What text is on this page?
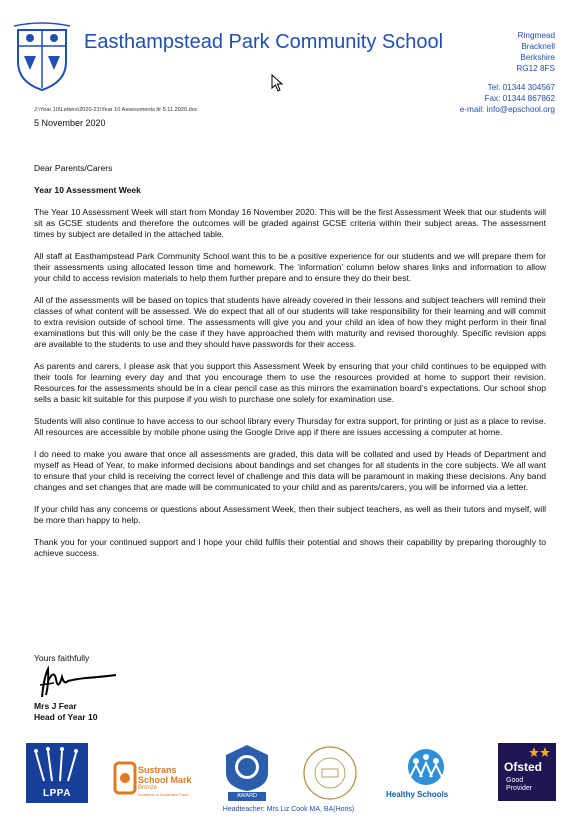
Easthampstead Park Community School	Ringmead
Bracknell
Berkshire
RG12 8FS
Tel: 01344 304567
Fax: 01344 867862
e-mail: info@epschool.org
J:\Year 10\Letters\2020-21\Year 10 Assessments ltr 5.11.2020.doc
5 November 2020

Dear Parents/Carers

Year 10 Assessment Week

The Year 10 Assessment Week will start from Monday 16 November 2020. This will be the first Assessment Week that our students will sit as GCSE students and therefore the outcomes will be graded against GCSE criteria within their subject areas. The assessment times by subject are detailed in the attached table.

All staff at Easthampstead Park Community School want this to be a positive experience for our students and we will prepare them for their assessments using allocated lesson time and homework. The ‘information’ column below shares links and information to allow your child to access revision materials to help them further prepare and to ensure they do their best.

All of the assessments will be based on topics that students have already covered in their lessons and subject teachers will remind their classes of what content will be assessed. We do expect that all of our students will take responsibility for their learning and will commit to extra revision outside of school time. The assessments will give you and your child an idea of how they might perform in their final examinations but this will only be the case if they have approached them with maturity and revised thoroughly. Specific revision apps are available to the students to use and they should have passwords for their access.

As parents and carers, I please ask that you support this Assessment Week by ensuring that your child continues to be equipped with their tools for learning every day and that you encourage them to use the resources provided at home to support their revision. Resources for the assessments should be in a clear pencil case as this mirrors the examination board’s expectations. Our school shop sells a basic kit suitable for this purpose if you wish to purchase one solely for examination use.

Students will also continue to have access to our school library every Thursday for extra support, for printing or just as a place to revise. All resources are accessible by mobile phone using the Google Drive app if there are issues accessing a computer at home.

I do need to make you aware that once all assessments are graded, this data will be collated and used by Heads of Department and myself as Head of Year, to make informed decisions about bandings and set changes for all students in the core subjects. We all want to ensure that your child is receiving the correct level of challenge and this data will be paramount in making these decisions. Any band changes and set changes that are made will be communicated to your child and as parents/carers, you will be informed via a letter.

If your child has any concerns or questions about Assessment Week, then their subject teachers, as well as their tutors and myself, will be more than happy to help.

Thank you for your continued support and I hope your child fulfils their potential and shows their capability by preparing thoroughly to achieve success.

Yours faithfully
Mrs J Fear
Head of Year 10
LPPA
Sustrans
School Mark
Bronze
Excellence in Sustainable Travel	AWARD	Healthy Schools
Ofsted
Good
Provider
Headteacher: Mrs Liz Cook MA, BA(Hons)
